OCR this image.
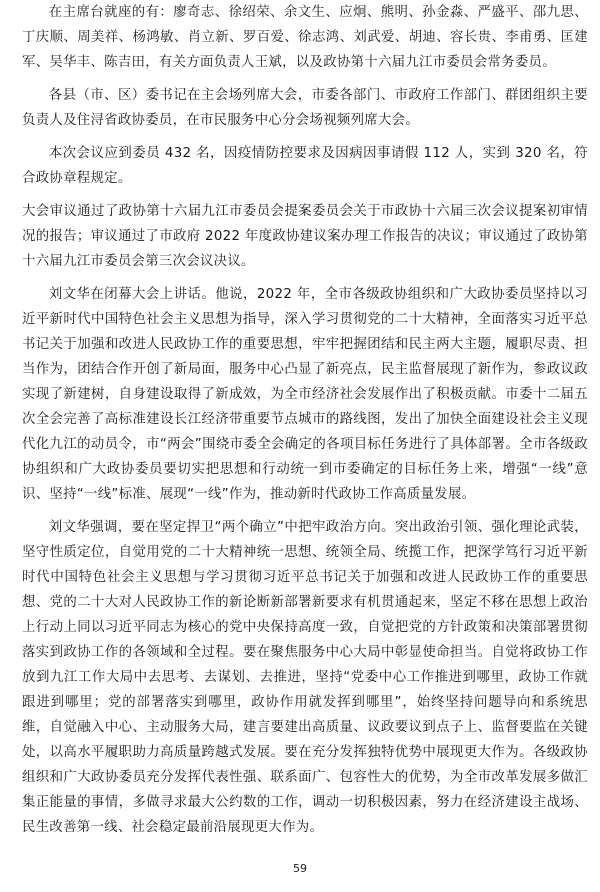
在主席台就座的有：廖奇志、徐绍荣、余文生、应炯、熊明、孙金淼、严盛平、邵九思、丁庆顺、周美祥、杨鸿敏、肖立新、罗百爱、徐志鸿、刘武爱、胡迪、容长贵、李甫勇、匡建军、吴华丰、陈吉田，有关方面负责人王斌，以及政协第十六届九江市委员会常务委员。

各县（市、区）委书记在主会场列席大会，市委各部门、市政府工作部门、群团组织主要负责人及住浔省政协委员，在市民服务中心分会场视频列席大会。

本次会议应到委员 432 名，因疫情防控要求及因病因事请假 112 人，实到 320 名，符合政协章程规定。

大会审议通过了政协第十六届九江市委员会提案委员会关于市政协十六届三次会议提案初审情况的报告；审议通过了市政府 2022 年度政协建议案办理工作报告的决议；审议通过了政协第十六届九江市委员会第三次会议决议。

刘文华在闭幕大会上讲话。他说，2022 年，全市各级政协组织和广大政协委员坚持以习近平新时代中国特色社会主义思想为指导，深入学习贯彻党的二十大精神，全面落实习近平总书记关于加强和改进人民政协工作的重要思想，牢牢把握团结和民主两大主题，履职尽责、担当作为，团结合作开创了新局面，服务中心凸显了新亮点，民主监督展现了新作为，参政议政实现了新建树，自身建设取得了新成效，为全市经济社会发展作出了积极贡献。市委十二届五次全会完善了高标准建设长江经济带重要节点城市的路线图，发出了加快全面建设社会主义现代化九江的动员令，市“两会”围绕市委全会确定的各项目标任务进行了具体部署。全市各级政协组织和广大政协委员要切实把思想和行动统一到市委确定的目标任务上来，增强“一线”意识、坚持“一线”标准、展现“一线”作为，推动新时代政协工作高质量发展。

刘文华强调，要在坚定捍卫“两个确立”中把牢政治方向。突出政治引领、强化理论武装，坚守性质定位，自觉用党的二十大精神统一思想、统领全局、统揽工作，把深学笃行习近平新时代中国特色社会主义思想与学习贯彻习近平总书记关于加强和改进人民政协工作的重要思想、党的二十大对人民政协工作的新论断新部署新要求有机贯通起来，坚定不移在思想上政治上行动上同以习近平同志为核心的党中央保持高度一致，自觉把党的方针政策和决策部署贯彻落实到政协工作的各领域和全过程。要在聚焦服务中心大局中彰显使命担当。自觉将政协工作放到九江工作大局中去思考、去谋划、去推进，坚持“党委中心工作推进到哪里，政协工作就跟进到哪里；党的部署落实到哪里，政协作用就发挥到哪里”，始终坚持问题导向和系统思维，自觉融入中心、主动服务大局，建言要建出高质量、议政要议到点子上、监督要监在关键处，以高水平履职助力高质量跨越式发展。要在充分发挥独特优势中展现更大作为。各级政协组织和广大政协委员充分发挥代表性强、联系面广、包容性大的优势，为全市改革发展多做汇集正能量的事情，多做寻求最大公约数的工作，调动一切积极因素，努力在经济建设主战场、民生改善第一线、社会稳定最前沿展现更大作为。

59
